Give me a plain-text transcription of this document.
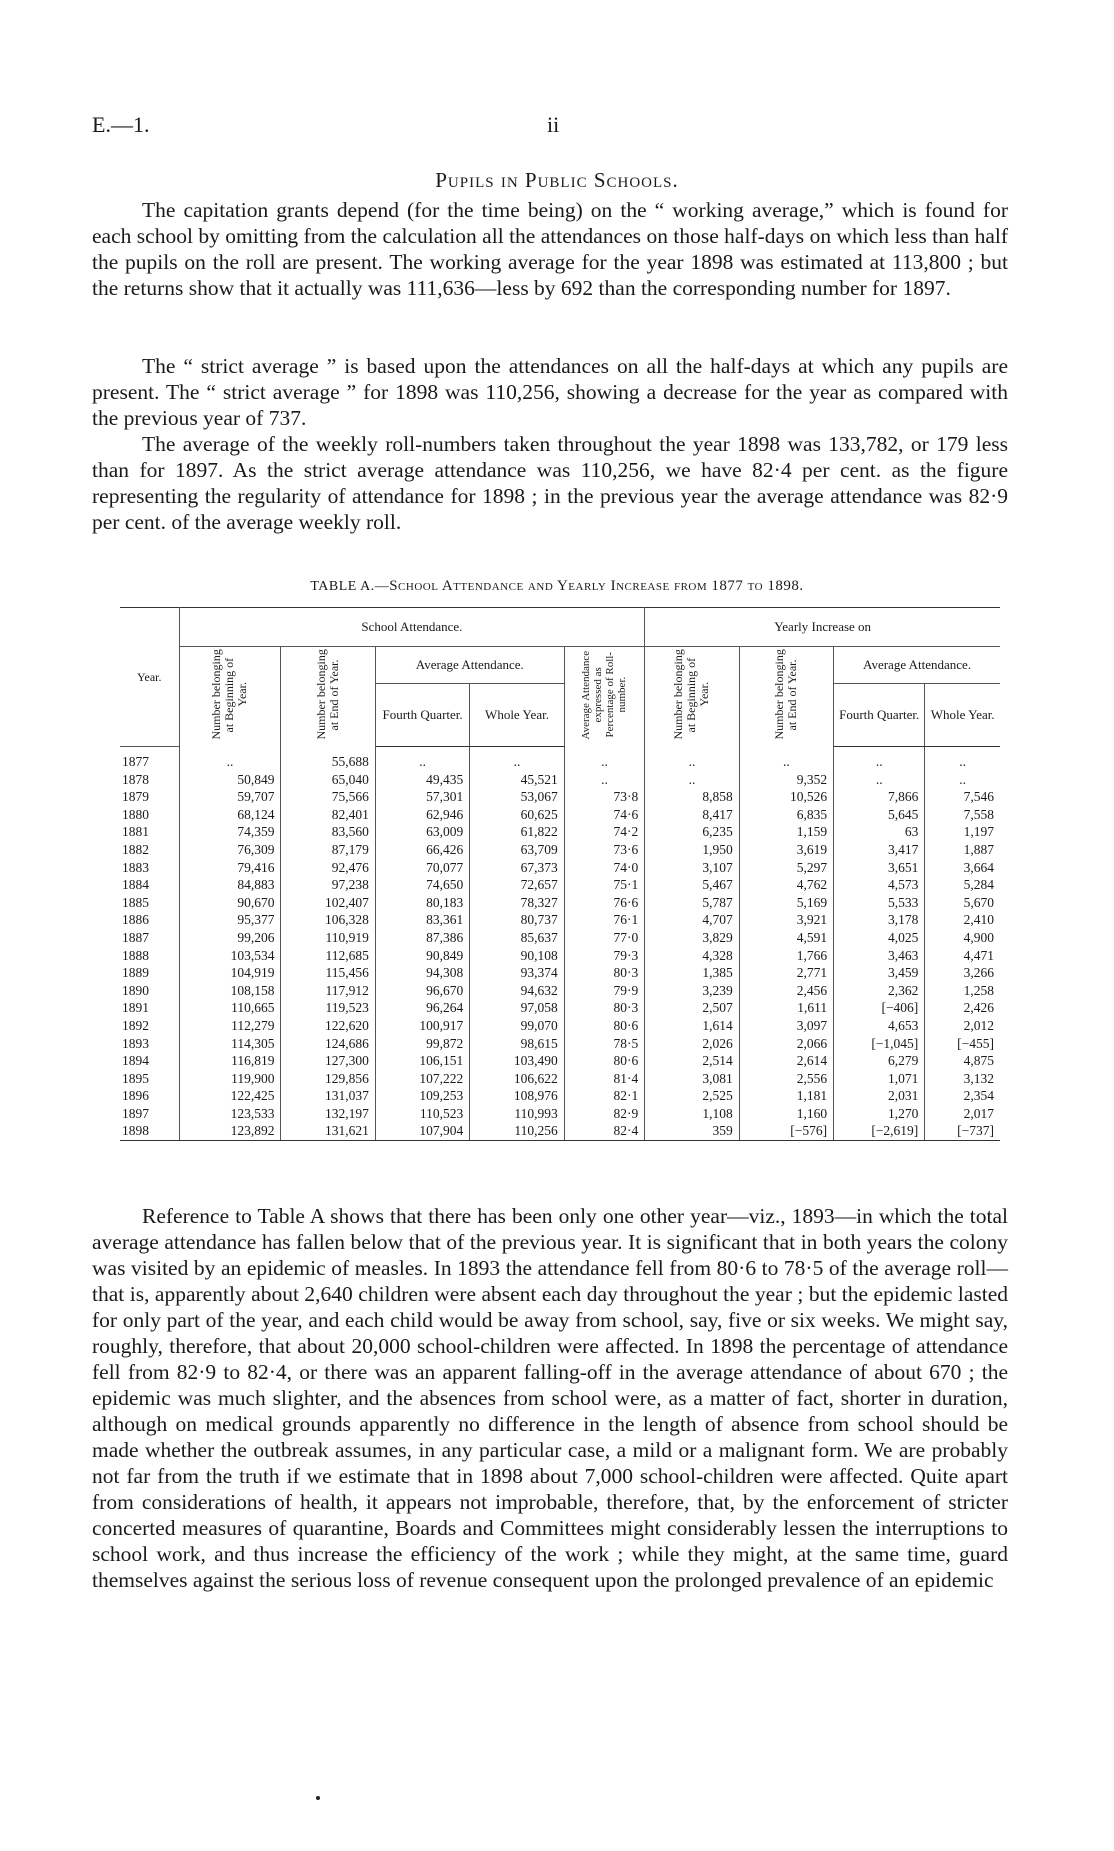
E.—1.	ii
Pupils in Public Schools.

The capitation grants depend (for the time being) on the “ working average,” which is found for each school by omitting from the calculation all the attendances on those half-days on which less than half the pupils on the roll are present. The working average for the year 1898 was estimated at 113,800 ; but the returns show that it actually was 111,636—less by 692 than the corresponding number for 1897.

The “ strict average ” is based upon the attendances on all the half-days at which any pupils are present. The “ strict average ” for 1898 was 110,256, showing a decrease for the year as compared with the previous year of 737.

The average of the weekly roll-numbers taken throughout the year 1898 was 133,782, or 179 less than for 1897. As the strict average attendance was 110,256, we have 82·4 per cent. as the figure representing the regularity of attendance for 1898 ; in the previous year the average attendance was 82·9 per cent. of the average weekly roll.

TABLE A.—School Attendance and Yearly Increase from 1877 to 1898.
Year.	School Attendance.					Yearly Increase on			
	Number belonging at Beginning of Year.	Number belonging at End of Year.	Average Attendance.		Average Attendance expressed as Percentage of Roll-number.	Number belonging at Beginning of Year.	Number belonging at End of Year.	Average Attendance.	
			Fourth Quarter.	Whole Year.				Fourth Quarter.	Whole Year.
1877	..	55,688	..	..	..	..	..	..	..
1878	50,849	65,040	49,435	45,521	..	..	9,352	..	..
1879	59,707	75,566	57,301	53,067	73·8	8,858	10,526	7,866	7,546
1880	68,124	82,401	62,946	60,625	74·6	8,417	6,835	5,645	7,558
1881	74,359	83,560	63,009	61,822	74·2	6,235	1,159	63	1,197
1882	76,309	87,179	66,426	63,709	73·6	1,950	3,619	3,417	1,887
1883	79,416	92,476	70,077	67,373	74·0	3,107	5,297	3,651	3,664
1884	84,883	97,238	74,650	72,657	75·1	5,467	4,762	4,573	5,284
1885	90,670	102,407	80,183	78,327	76·6	5,787	5,169	5,533	5,670
1886	95,377	106,328	83,361	80,737	76·1	4,707	3,921	3,178	2,410
1887	99,206	110,919	87,386	85,637	77·0	3,829	4,591	4,025	4,900
1888	103,534	112,685	90,849	90,108	79·3	4,328	1,766	3,463	4,471
1889	104,919	115,456	94,308	93,374	80·3	1,385	2,771	3,459	3,266
1890	108,158	117,912	96,670	94,632	79·9	3,239	2,456	2,362	1,258
1891	110,665	119,523	96,264	97,058	80·3	2,507	1,611	[−406]	2,426
1892	112,279	122,620	100,917	99,070	80·6	1,614	3,097	4,653	2,012
1893	114,305	124,686	99,872	98,615	78·5	2,026	2,066	[−1,045]	[−455]
1894	116,819	127,300	106,151	103,490	80·6	2,514	2,614	6,279	4,875
1895	119,900	129,856	107,222	106,622	81·4	3,081	2,556	1,071	3,132
1896	122,425	131,037	109,253	108,976	82·1	2,525	1,181	2,031	2,354
1897	123,533	132,197	110,523	110,993	82·9	1,108	1,160	1,270	2,017
1898	123,892	131,621	107,904	110,256	82·4	359	[−576]	[−2,619]	[−737]

Reference to Table A shows that there has been only one other year—viz., 1893—in which the total average attendance has fallen below that of the previous year. It is significant that in both years the colony was visited by an epidemic of measles. In 1893 the attendance fell from 80·6 to 78·5 of the average roll—that is, apparently about 2,640 children were absent each day throughout the year ; but the epidemic lasted for only part of the year, and each child would be away from school, say, five or six weeks. We might say, roughly, therefore, that about 20,000 school-children were affected. In 1898 the percentage of attendance fell from 82·9 to 82·4, or there was an apparent falling-off in the average attendance of about 670 ; the epidemic was much slighter, and the absences from school were, as a matter of fact, shorter in duration, although on medical grounds apparently no difference in the length of absence from school should be made whether the outbreak assumes, in any particular case, a mild or a malignant form. We are probably not far from the truth if we estimate that in 1898 about 7,000 school-children were affected. Quite apart from considerations of health, it appears not improbable, therefore, that, by the enforcement of stricter concerted measures of quarantine, Boards and Committees might considerably lessen the interruptions to school work, and thus increase the efficiency of the work ; while they might, at the same time, guard themselves against the serious loss of revenue consequent upon the prolonged prevalence of an epidemic
